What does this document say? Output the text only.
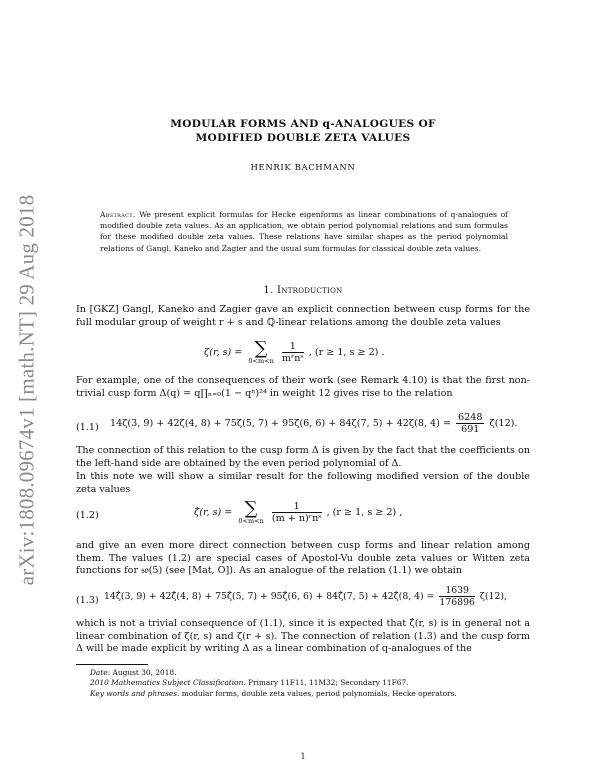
arXiv:1808.09674v1 [math.NT] 29 Aug 2018
MODULAR FORMS AND q-ANALOGUES OF
MODIFIED DOUBLE ZETA VALUES
HENRIK BACHMANN
Abstract. We present explicit formulas for Hecke eigenforms as linear combinations of q-analogues of modified double zeta values. As an application, we obtain period polynomial relations and sum formulas for these modified double zeta values. These relations have similar shapes as the period polynomial relations of Gangl, Kaneko and Zagier and the usual sum formulas for classical double zeta values.
1. Introduction
In [GKZ] Gangl, Kaneko and Zagier gave an explicit connection between cusp forms for the full modular group of weight r + s and ℚ-linear relations among the double zeta values
ζ(r, s) = ∑
0<m<n
$\frac{1}{\text{mʳnˢ}}$ , (r ≥ 1, s ≥ 2) .
For example, one of the consequences of their work (see Remark 4.10) is that the first non-trivial cusp form Δ(q) = q∏ₙ₌₀(1 − qⁿ)²⁴ in weight 12 gives rise to the relation
(1.1) 14ζ(3, 9) + 42ζ(4, 8) + 75ζ(5, 7) + 95ζ(6, 6) + 84ζ(7, 5) + 42ζ(8, $4) = \frac{6248}{691} \zeta(12)$.
The connection of this relation to the cusp form Δ is given by the fact that the coefficients on the left-hand side are obtained by the even period polynomial of Δ.
In this note we will show a similar result for the following modified version of the double zeta values
(1.2)	ζ̂(r, s) = ∑
0<m<n
$\frac{1}{\text{(m + n)ʳnˢ}}$ , (r ≥ 1, s ≥ 2) ,
and give an even more direct connection between cusp forms and linear relation among them. The values (1.2) are special cases of Apostol-Vu double zeta values or Witten zeta functions for 𝔰𝔬(5) (see [Mat, O]). As an analogue of the relation (1.1) we obtain
(1.3) 14ζ̂(3, 9) + 42ζ̂(4, 8) + 75ζ̂(5, 7) + 95ζ̂(6, 6) + 84ζ̂(7, 5) + 42ζ̂(8, $4) = \frac{1639}{176896} \zeta(12)$,
which is not a trivial consequence of (1.1), since it is expected that ζ̂(r, s) is in general not a linear combination of ζ(r, s) and ζ(r + s). The connection of relation (1.3) and the cusp form Δ will be made explicit by writing Δ as a linear combination of q-analogues of the
Date: August 30, 2018.
2010 Mathematics Subject Classification. Primary 11F11, 11M32; Secondary 11F67.
Key words and phrases. modular forms, double zeta values, period polynomials, Hecke operators.
1
